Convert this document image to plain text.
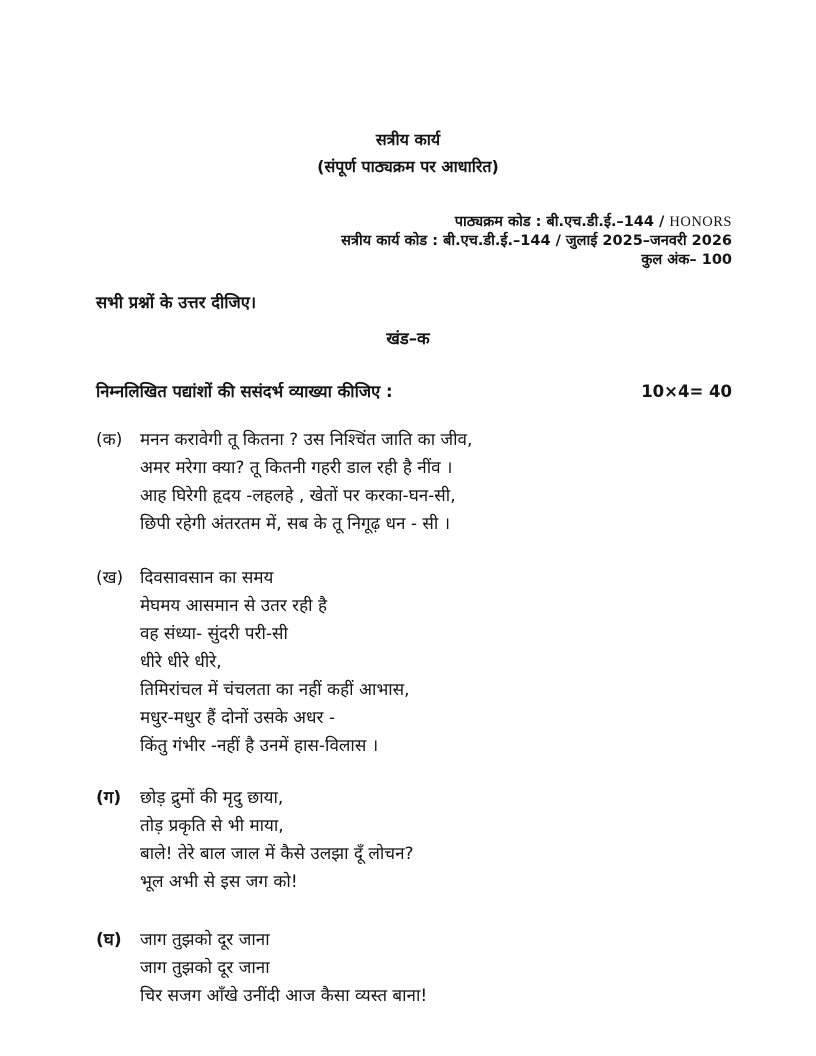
सत्रीय कार्य
(संपूर्ण पाठ्यक्रम पर आधारित)
पाठ्यक्रम कोड : बी.एच.डी.ई.–144 / HONORS
सत्रीय कार्य कोड : बी.एच.डी.ई.–144 / जुलाई 2025–जनवरी 2026
कुल अंक– 100
सभी प्रश्नों के उत्तर दीजिए।
खंड–क
निम्नलिखित पद्यांशों की ससंदर्भ व्याख्या कीजिए :	10×4= 40
(क)	मनन करावेगी तू कितना ? उस निश्चिंत जाति का जीव,
अमर मरेगा क्या? तू कितनी गहरी डाल रही है नींव ।
आह घिरेगी हृदय -लहलहे , खेतों पर करका-घन-सी,
छिपी रहेगी अंतरतम में, सब के तू निगूढ़ धन - सी ।
(ख) दिवसावसान का समय
मेघमय आसमान से उतर रही है
वह संध्या- सुंदरी परी-सी
धीरे धीरे धीरे,
तिमिरांचल में चंचलता का नहीं कहीं आभास,
मधुर-मधुर हैं दोनों उसके अधर -
किंतु गंभीर -नहीं है उनमें हास-विलास ।
(ग)	छोड़ द्रुमों की मृदु छाया,
तोड़ प्रकृति से भी माया,
बाले! तेरे बाल जाल में कैसे उलझा दूँ लोचन?
भूल अभी से इस जग को!
(घ)	जाग तुझको दूर जाना
जाग तुझको दूर जाना
चिर सजग आँखे उनींदी आज कैसा व्यस्त बाना!
